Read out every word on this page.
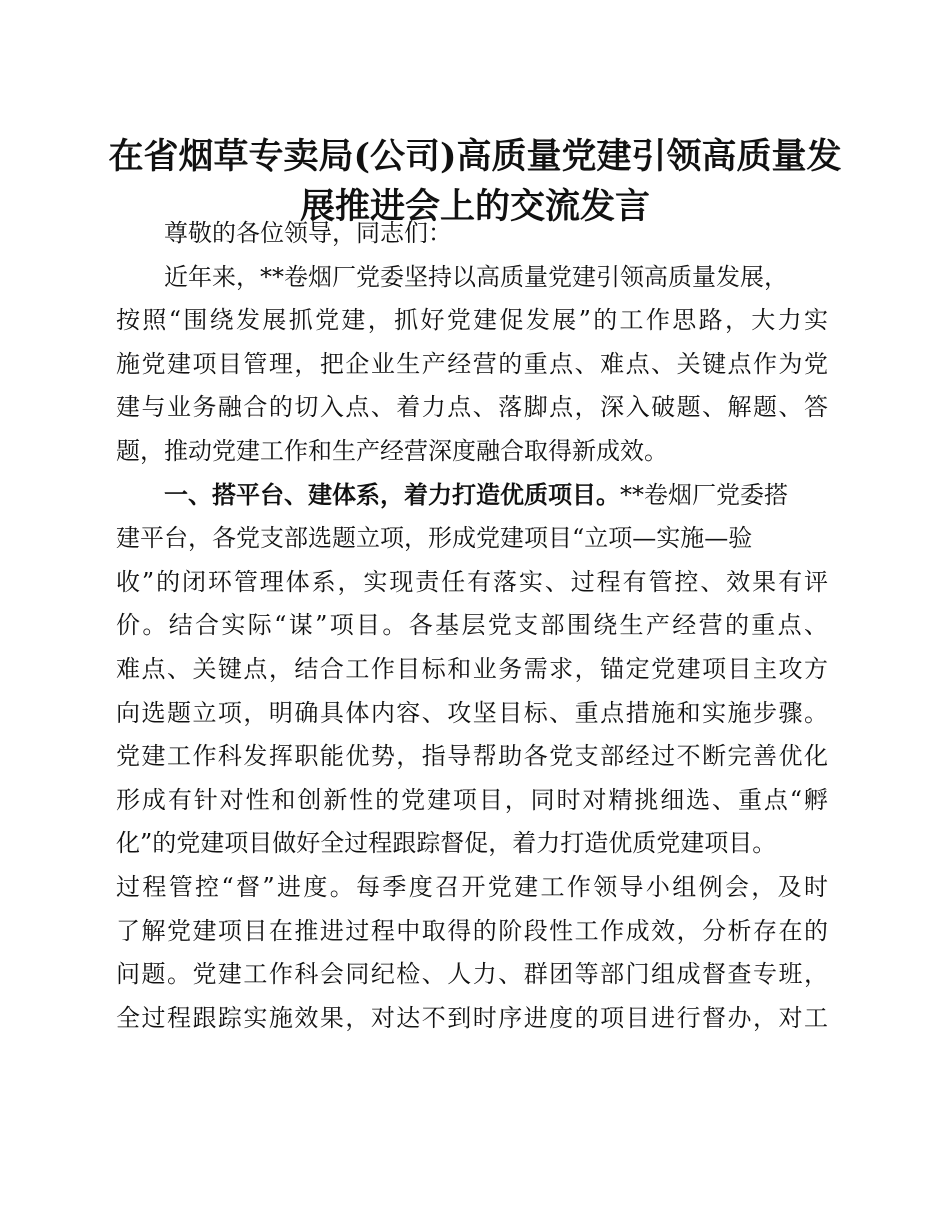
在省烟草专卖局(公司)高质量党建引领高质量发
展推进会上的交流发言
尊敬的各位领导，同志们：
近年来，**卷烟厂党委坚持以高质量党建引领高质量发展，
按照“围绕发展抓党建，抓好党建促发展”的工作思路，大力实
施党建项目管理，把企业生产经营的重点、难点、关键点作为党
建与业务融合的切入点、着力点、落脚点，深入破题、解题、答
题，推动党建工作和生产经营深度融合取得新成效。
一、搭平台、建体系，着力打造优质项目。**卷烟厂党委搭
建平台，各党支部选题立项，形成党建项目“立项—实施—验
收”的闭环管理体系，实现责任有落实、过程有管控、效果有评
价。结合实际“谋”项目。各基层党支部围绕生产经营的重点、
难点、关键点，结合工作目标和业务需求，锚定党建项目主攻方
向选题立项，明确具体内容、攻坚目标、重点措施和实施步骤。
党建工作科发挥职能优势，指导帮助各党支部经过不断完善优化
形成有针对性和创新性的党建项目，同时对精挑细选、重点“孵
化”的党建项目做好全过程跟踪督促，着力打造优质党建项目。
过程管控“督”进度。每季度召开党建工作领导小组例会，及时
了解党建项目在推进过程中取得的阶段性工作成效，分析存在的
问题。党建工作科会同纪检、人力、群团等部门组成督查专班，
全过程跟踪实施效果，对达不到时序进度的项目进行督办，对工
